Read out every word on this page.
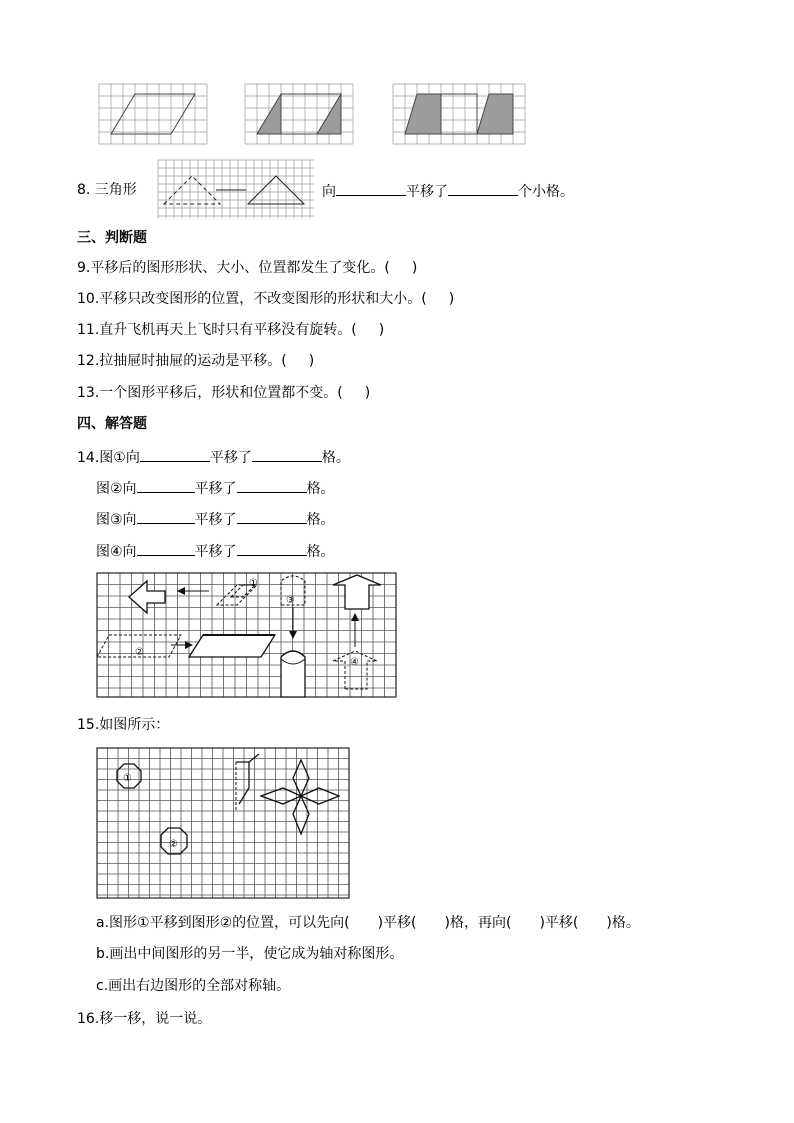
8. 三角形	向	平移了	个小格。
三、判断题
9.平移后的图形形状、大小、位置都发生了变化。( )
10.平移只改变图形的位置，不改变图形的形状和大小。( )
11.直升飞机再天上飞时只有平移没有旋转。( )
12.拉抽屉时抽屉的运动是平移。( )
13.一个图形平移后，形状和位置都不变。( )
四、解答题
14.图①向	平移了	格。
图②向	平移了	格。
图③向	平移了	格。
图④向	平移了	格。
①
③
②
④
15.如图所示：
①
②
a.图形①平移到图形②的位置，可以先向(　　)平移(　　)格，再向(　　)平移(　　)格。
b.画出中间图形的另一半，使它成为轴对称图形。
c.画出右边图形的全部对称轴。
16.移一移，说一说。
